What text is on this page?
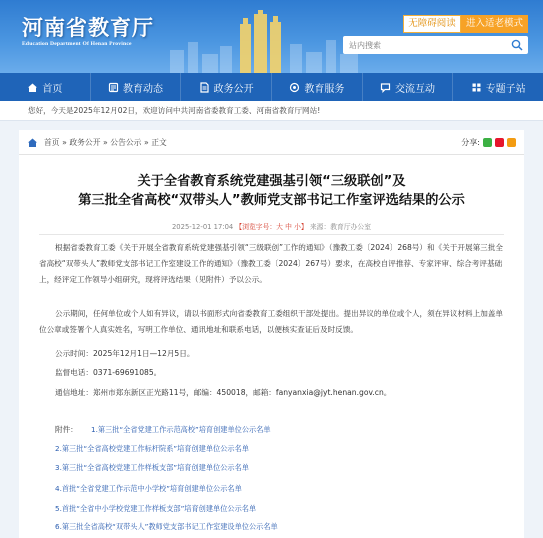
河南省教育厅
Education Department Of Henan Province
无障碍阅读	进入适老模式
站内搜索
首页	教育动态	政务公开	教育服务	交流互动	专题子站
您好，今天是2025年12月02日，欢迎访问中共河南省委教育工委、河南省教育厅网站!
首页 » 政务公开 » 公告公示 » 正文	分享:
关于全省教育系统党建强基引领“三级联创”及
第三批全省高校“双带头人”教师党支部书记工作室评选结果的公示
2025-12-01 17:04 【浏览字号：大 中 小】 来源：教育厅办公室
根据省委教育工委《关于开展全省教育系统党建强基引领“三级联创”工作的通知》（豫教工委〔2024〕268号）和《关于开展第三批全省高校“双带头人”教师党支部书记工作室建设工作的通知》（豫教工委〔2024〕267号）要求，在高校自评推荐、专家评审、综合考评基础上，经评定工作领导小组研究，现将评选结果（见附件）予以公示。
公示期间，任何单位或个人如有异议，请以书面形式向省委教育工委组织干部处提出。提出异议的单位或个人，须在异议材料上加盖单位公章或签署个人真实姓名，写明工作单位、通讯地址和联系电话，以便核实查证后及时反馈。
公示时间：2025年12月1日—12月5日。
监督电话：0371-69691085。
通信地址：郑州市郑东新区正光路11号，邮编：450018，邮箱：fanyanxia@jyt.henan.gov.cn。
附件： 1.第三批“全省党建工作示范高校”培育创建单位公示名单
2.第三批“全省高校党建工作标杆院系”培育创建单位公示名单
3.第三批“全省高校党建工作样板支部”培育创建单位公示名单
4.首批“全省党建工作示范中小学校”培育创建单位公示名单
5.首批“全省中小学校党建工作样板支部”培育创建单位公示名单
6.第三批全省高校“双带头人”教师党支部书记工作室建设单位公示名单
